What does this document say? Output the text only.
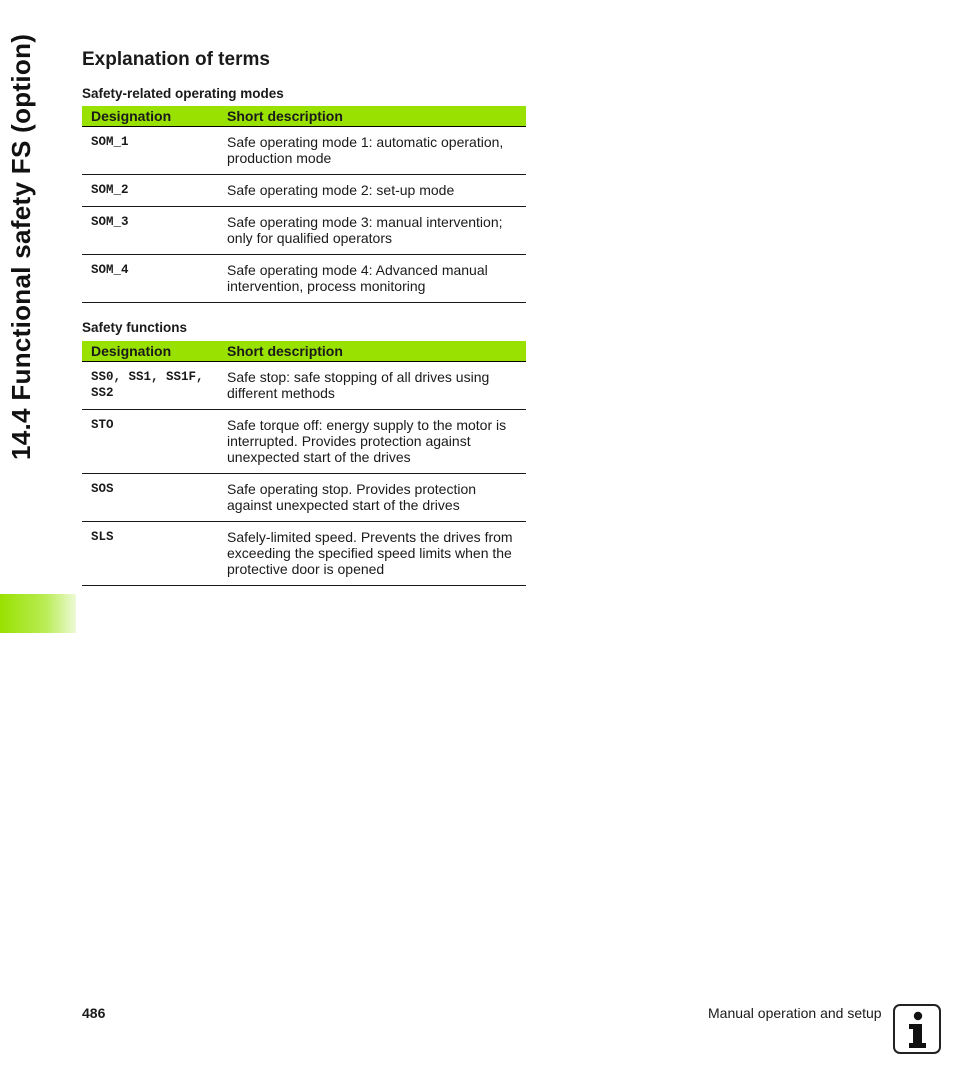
14.4 Functional safety FS (option) Explanation of terms
Safety-related operating modes
Designation	Short description
SOM_1	Safe operating mode 1: automatic operation, production mode
SOM_2	Safe operating mode 2: set-up mode
SOM_3	Safe operating mode 3: manual intervention; only for qualified operators
SOM_4	Safe operating mode 4: Advanced manual intervention, process monitoring
Safety functions
Designation	Short description
SS0, SS1, SS1F, SS2	Safe stop: safe stopping of all drives using different methods
STO	Safe torque off: energy supply to the motor is interrupted. Provides protection against unexpected start of the drives
SOS	Safe operating stop. Provides protection against unexpected start of the drives
SLS	Safely-limited speed. Prevents the drives from exceeding the specified speed limits when the protective door is opened
486	Manual operation and setup
